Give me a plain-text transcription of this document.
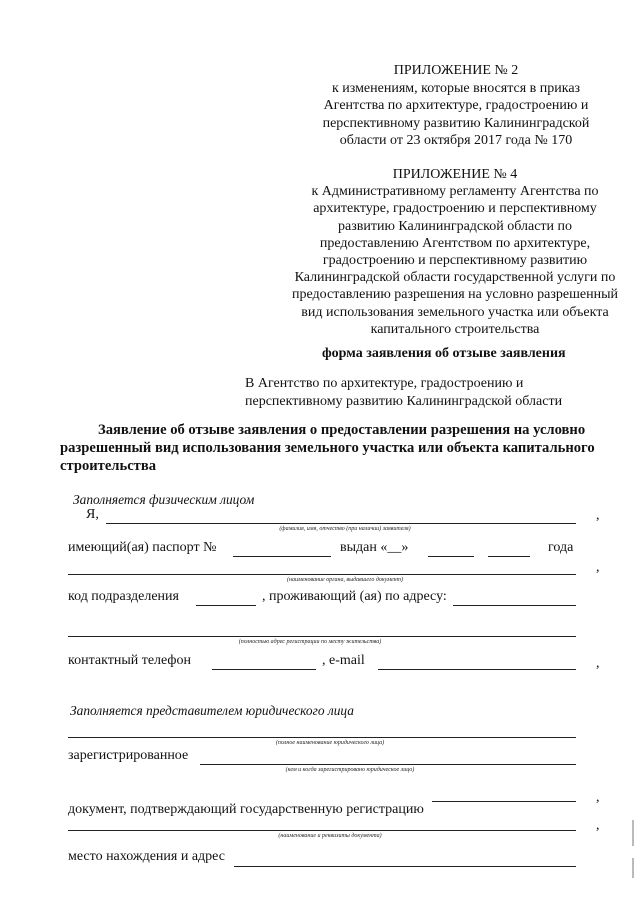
ПРИЛОЖЕНИЕ № 2
к изменениям, которые вносятся в приказ
Агентства по архитектуре, градостроению и
перспективному развитию Калининградской
области от 23 октября 2017 года № 170
ПРИЛОЖЕНИЕ № 4
к Административному регламенту Агентства по
архитектуре, градостроению и перспективному
развитию Калининградской области по
предоставлению Агентством по архитектуре,
градостроению и перспективному развитию
Калининградской области государственной услуги по
предоставлению разрешения на условно разрешенный
вид использования земельного участка или объекта
капитального строительства
форма заявления об отзыве заявления
В Агентство по архитектуре, градостроению и
перспективному развитию Калининградской области
Заявление об отзыве заявления о предоставлении разрешения на условно
разрешенный вид использования земельного участка или объекта капитального
строительства
Заполняется физическим лицом
Я,	,
(фамилия, имя, отчество (при наличии) заявителя)
имеющий(ая) паспорт №	выдан «__»	года
,
(наименование органа, выдавшего документ)
код подразделения	, проживающий (ая) по адресу:
(полностью адрес регистрации по месту жительства)
контактный телефон	, e-mail	,
Заполняется представителем юридического лица
(полное наименование юридического лица)
зарегистрированное
(кем и когда зарегистрировано юридическое лицо)
документ, подтверждающий государственную регистрацию
,
,
(наименование и реквизиты документа)
место нахождения и адрес
